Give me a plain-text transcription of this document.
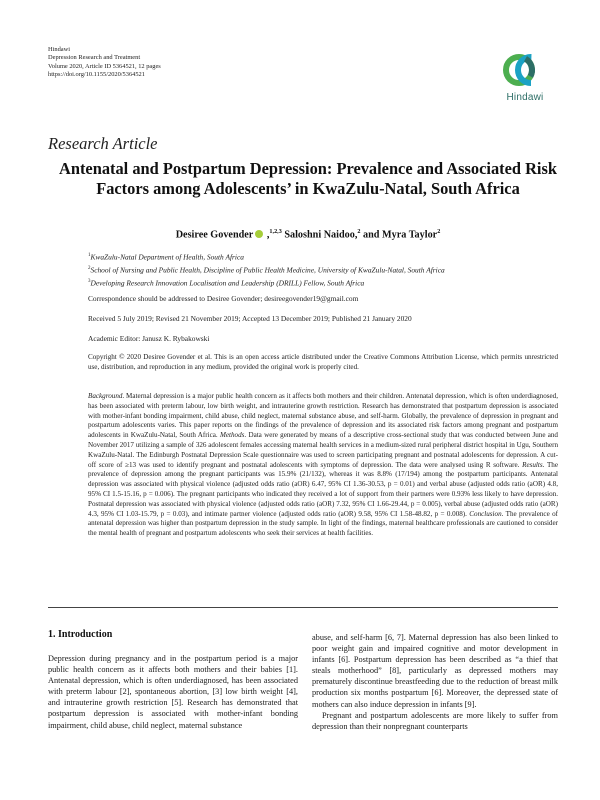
Hindawi
Depression Research and Treatment
Volume 2020, Article ID 5364521, 12 pages
https://doi.org/10.1155/2020/5364521
Hindawi
Research Article
Antenatal and Postpartum Depression: Prevalence and Associated Risk Factors among Adolescents’ in KwaZulu-Natal, South Africa
Desiree Govender ,$^{1,2,3}$ Saloshni Naidoo,$^2$ and Myra Taylor$^2$
$^1$KwaZulu-Natal Department of Health, South Africa
$^2$School of Nursing and Public Health, Discipline of Public Health Medicine, University of KwaZulu-Natal, South Africa
$^3$Developing Research Innovation Localisation and Leadership (DRILL) Fellow, South Africa
Correspondence should be addressed to Desiree Govender; desireegovender19@gmail.com
Received 5 July 2019; Revised 21 November 2019; Accepted 13 December 2019; Published 21 January 2020
Academic Editor: Janusz K. Rybakowski
Copyright © 2020 Desiree Govender et al. This is an open access article distributed under the Creative Commons Attribution License, which permits unrestricted use, distribution, and reproduction in any medium, provided the original work is properly cited.
Background. Maternal depression is a major public health concern as it affects both mothers and their children. Antenatal depression, which is often underdiagnosed, has been associated with preterm labour, low birth weight, and intrauterine growth restriction. Research has demonstrated that postpartum depression is associated with mother-infant bonding impairment, child abuse, child neglect, maternal substance abuse, and self-harm. Globally, the prevalence of depression in pregnant and postpartum adolescents varies. This paper reports on the findings of the prevalence of depression and its associated risk factors among pregnant and postpartum adolescents in KwaZulu-Natal, South Africa. Methods. Data were generated by means of a descriptive cross-sectional study that was conducted between June and November 2017 utilizing a sample of 326 adolescent females accessing maternal health services in a medium-sized rural peripheral district hospital in Ugu, Southern KwaZulu-Natal. The Edinburgh Postnatal Depression Scale questionnaire was used to screen participating pregnant and postnatal adolescents for depression. A cut-off score of ≥13 was used to identify pregnant and postnatal adolescents with symptoms of depression. The data were analysed using R software. Results. The prevalence of depression among the pregnant participants was 15.9% (21/132), whereas it was 8.8% (17/194) among the postpartum participants. Antenatal depression was associated with physical violence (adjusted odds ratio (aOR) 6.47, 95% CI 1.36-30.53, p = 0.01) and verbal abuse (adjusted odds ratio (aOR) 4.8, 95% CI 1.5-15.16, p = 0.006). The pregnant participants who indicated they received a lot of support from their partners were 0.93% less likely to have depression. Postnatal depression was associated with physical violence (adjusted odds ratio (aOR) 7.32, 95% CI 1.66-29.44, p = 0.005), verbal abuse (adjusted odds ratio (aOR) 4.3, 95% CI 1.03-15.79, p = 0.03), and intimate partner violence (adjusted odds ratio (aOR) 9.58, 95% CI 1.58-48.82, p = 0.008). Conclusion. The prevalence of antenatal depression was higher than postpartum depression in the study sample. In light of the findings, maternal healthcare professionals are cautioned to consider the mental health of pregnant and postpartum adolescents who seek their services at health facilities.
1. Introduction

Depression during pregnancy and in the postpartum period is a major public health concern as it affects both mothers and their babies [1]. Antenatal depression, which is often underdiagnosed, has been associated with preterm labour [2], spontaneous abortion, [3] low birth weight [4], and intrauterine growth restriction [5]. Research has demonstrated that postpartum depression is associated with mother-infant bonding impairment, child abuse, child neglect, maternal substance

abuse, and self-harm [6, 7]. Maternal depression has also been linked to poor weight gain and impaired cognitive and motor development in infants [6]. Postpartum depression has been described as “a thief that steals motherhood” [8], particularly as depressed mothers may prematurely discontinue breastfeeding due to the reduction of breast milk production six months postpartum [6]. Moreover, the depressed state of mothers can also induce depression in infants [9].

Pregnant and postpartum adolescents are more likely to suffer from depression than their nonpregnant counterparts
